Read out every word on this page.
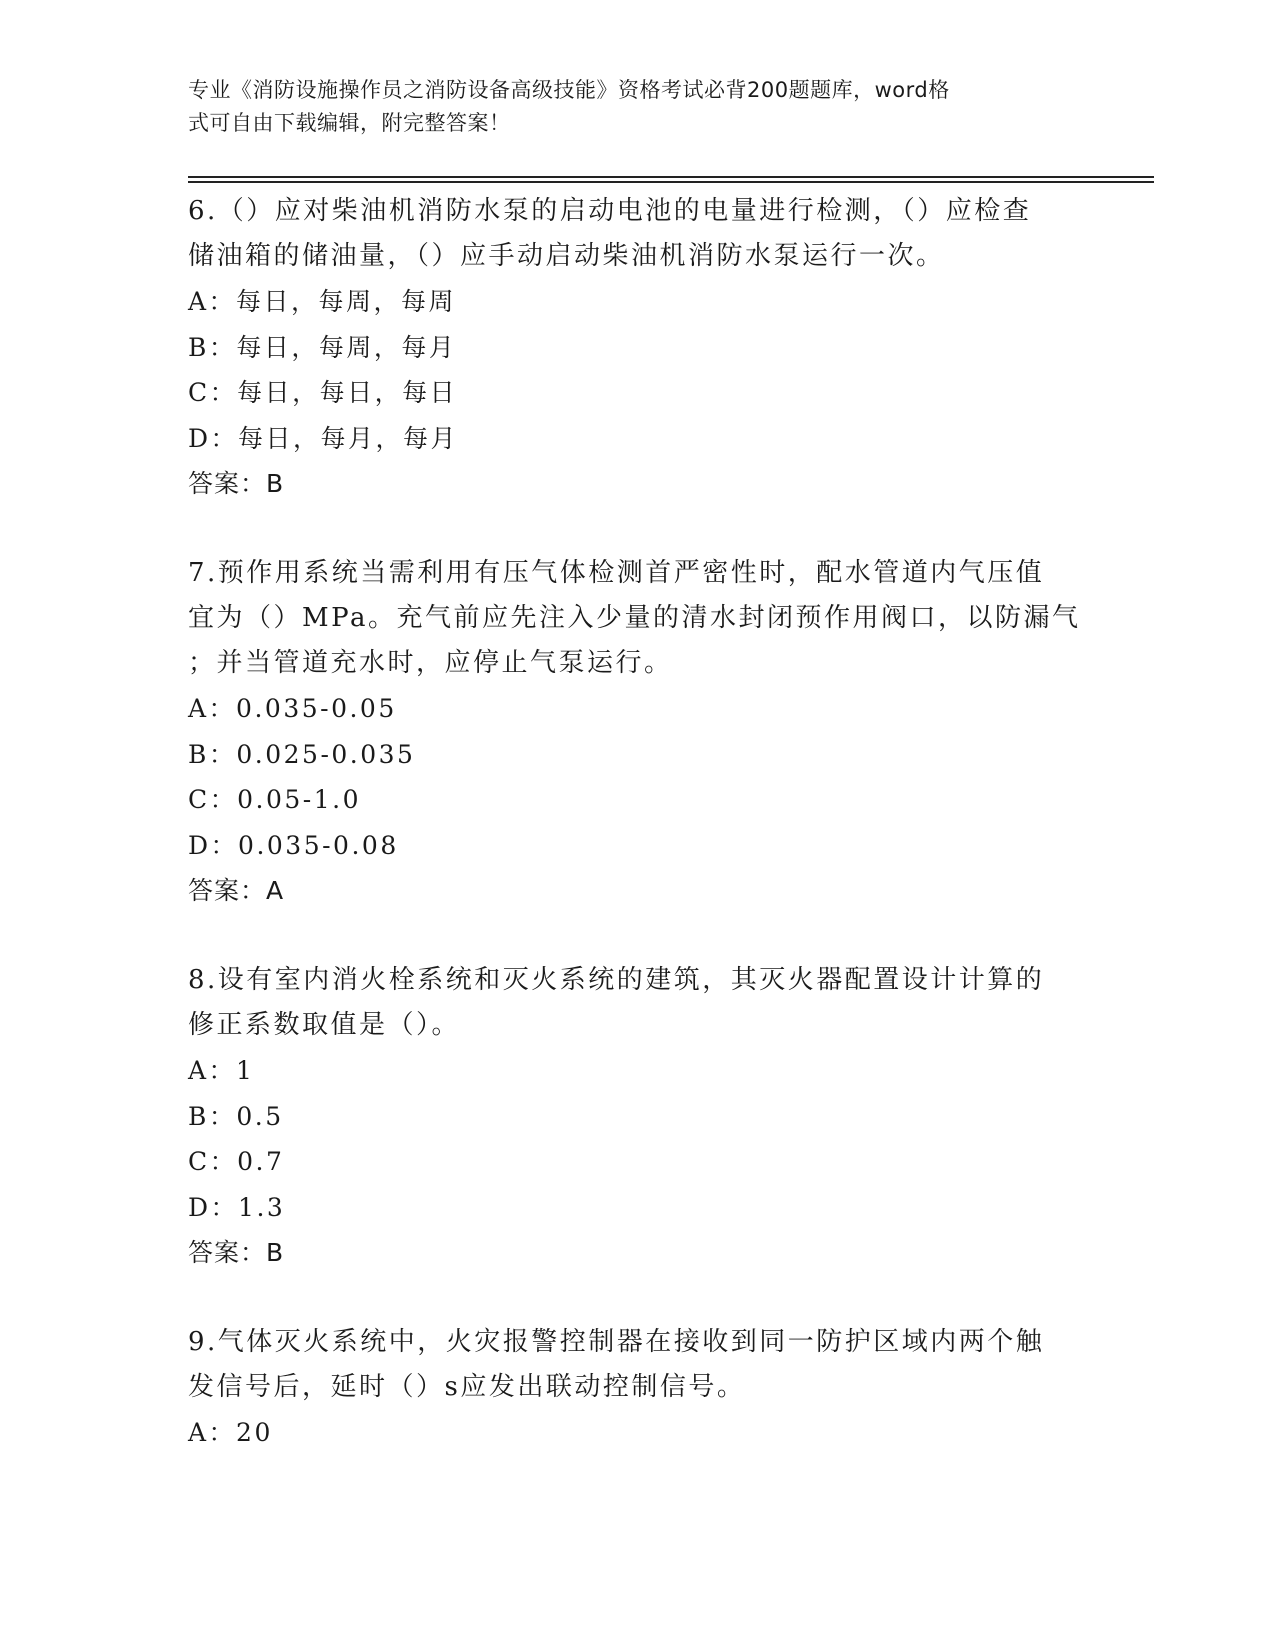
专业《消防设施操作员之消防设备高级技能》资格考试必背200题题库，word格
式可自由下载编辑，附完整答案！

6.（）应对柴油机消防水泵的启动电池的电量进行检测，（）应检查

储油箱的储油量，（）应手动启动柴油机消防水泵运行一次。

A：每日，每周，每周

B：每日，每周，每月

C：每日，每日，每日

D：每日，每月，每月

答案：B

7.预作用系统当需利用有压气体检测首严密性时，配水管道内气压值

宜为（）MPa。充气前应先注入少量的清水封闭预作用阀口，以防漏气

；并当管道充水时，应停止气泵运行。

A：0.035-0.05

B：0.025-0.035

C：0.05-1.0

D：0.035-0.08

答案：A

8.设有室内消火栓系统和灭火系统的建筑，其灭火器配置设计计算的

修正系数取值是（）。

A：1

B：0.5

C：0.7

D：1.3

答案：B

9.气体灭火系统中，火灾报警控制器在接收到同一防护区域内两个触

发信号后，延时（）s应发出联动控制信号。

A：20
